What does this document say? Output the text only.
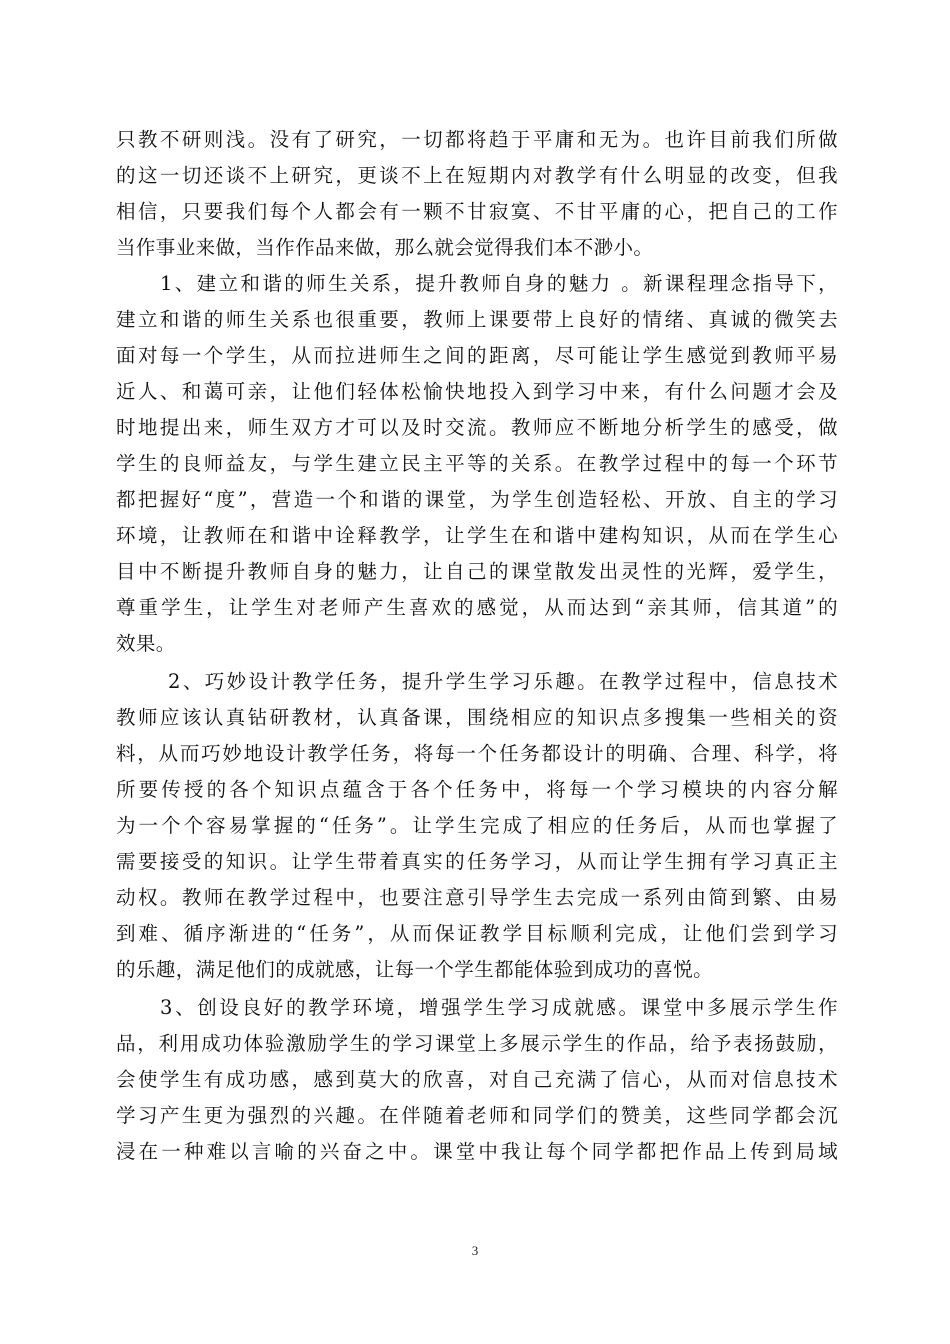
只教不研则浅。没有了研究，一切都将趋于平庸和无为。也许目前我们所做
的这一切还谈不上研究，更谈不上在短期内对教学有什么明显的改变，但我
相信，只要我们每个人都会有一颗不甘寂寞、不甘平庸的心，把自己的工作
当作事业来做，当作作品来做，那么就会觉得我们本不渺小。
1、建立和谐的师生关系，提升教师自身的魅力 。新课程理念指导下，
建立和谐的师生关系也很重要，教师上课要带上良好的情绪、真诚的微笑去
面对每一个学生，从而拉进师生之间的距离，尽可能让学生感觉到教师平易
近人、和蔼可亲，让他们轻体松愉快地投入到学习中来，有什么问题才会及
时地提出来，师生双方才可以及时交流。教师应不断地分析学生的感受，做
学生的良师益友，与学生建立民主平等的关系。在教学过程中的每一个环节
都把握好“度”，营造一个和谐的课堂，为学生创造轻松、开放、自主的学习
环境，让教师在和谐中诠释教学，让学生在和谐中建构知识，从而在学生心
目中不断提升教师自身的魅力，让自己的课堂散发出灵性的光辉，爱学生，
尊重学生，让学生对老师产生喜欢的感觉，从而达到“亲其师，信其道”的
效果。
2、巧妙设计教学任务，提升学生学习乐趣。在教学过程中，信息技术
教师应该认真钻研教材，认真备课，围绕相应的知识点多搜集一些相关的资
料，从而巧妙地设计教学任务，将每一个任务都设计的明确、合理、科学，将
所要传授的各个知识点蕴含于各个任务中，将每一个学习模块的内容分解
为一个个容易掌握的“任务”。让学生完成了相应的任务后，从而也掌握了
需要接受的知识。让学生带着真实的任务学习，从而让学生拥有学习真正主
动权。教师在教学过程中，也要注意引导学生去完成一系列由简到繁、由易
到难、循序渐进的“任务”，从而保证教学目标顺利完成，让他们尝到学习
的乐趣，满足他们的成就感，让每一个学生都能体验到成功的喜悦。
3、创设良好的教学环境，增强学生学习成就感。课堂中多展示学生作
品，利用成功体验激励学生的学习课堂上多展示学生的作品，给予表扬鼓励，
会使学生有成功感，感到莫大的欣喜，对自己充满了信心，从而对信息技术
学习产生更为强烈的兴趣。在伴随着老师和同学们的赞美，这些同学都会沉
浸在一种难以言喻的兴奋之中。课堂中我让每个同学都把作品上传到局域
3
